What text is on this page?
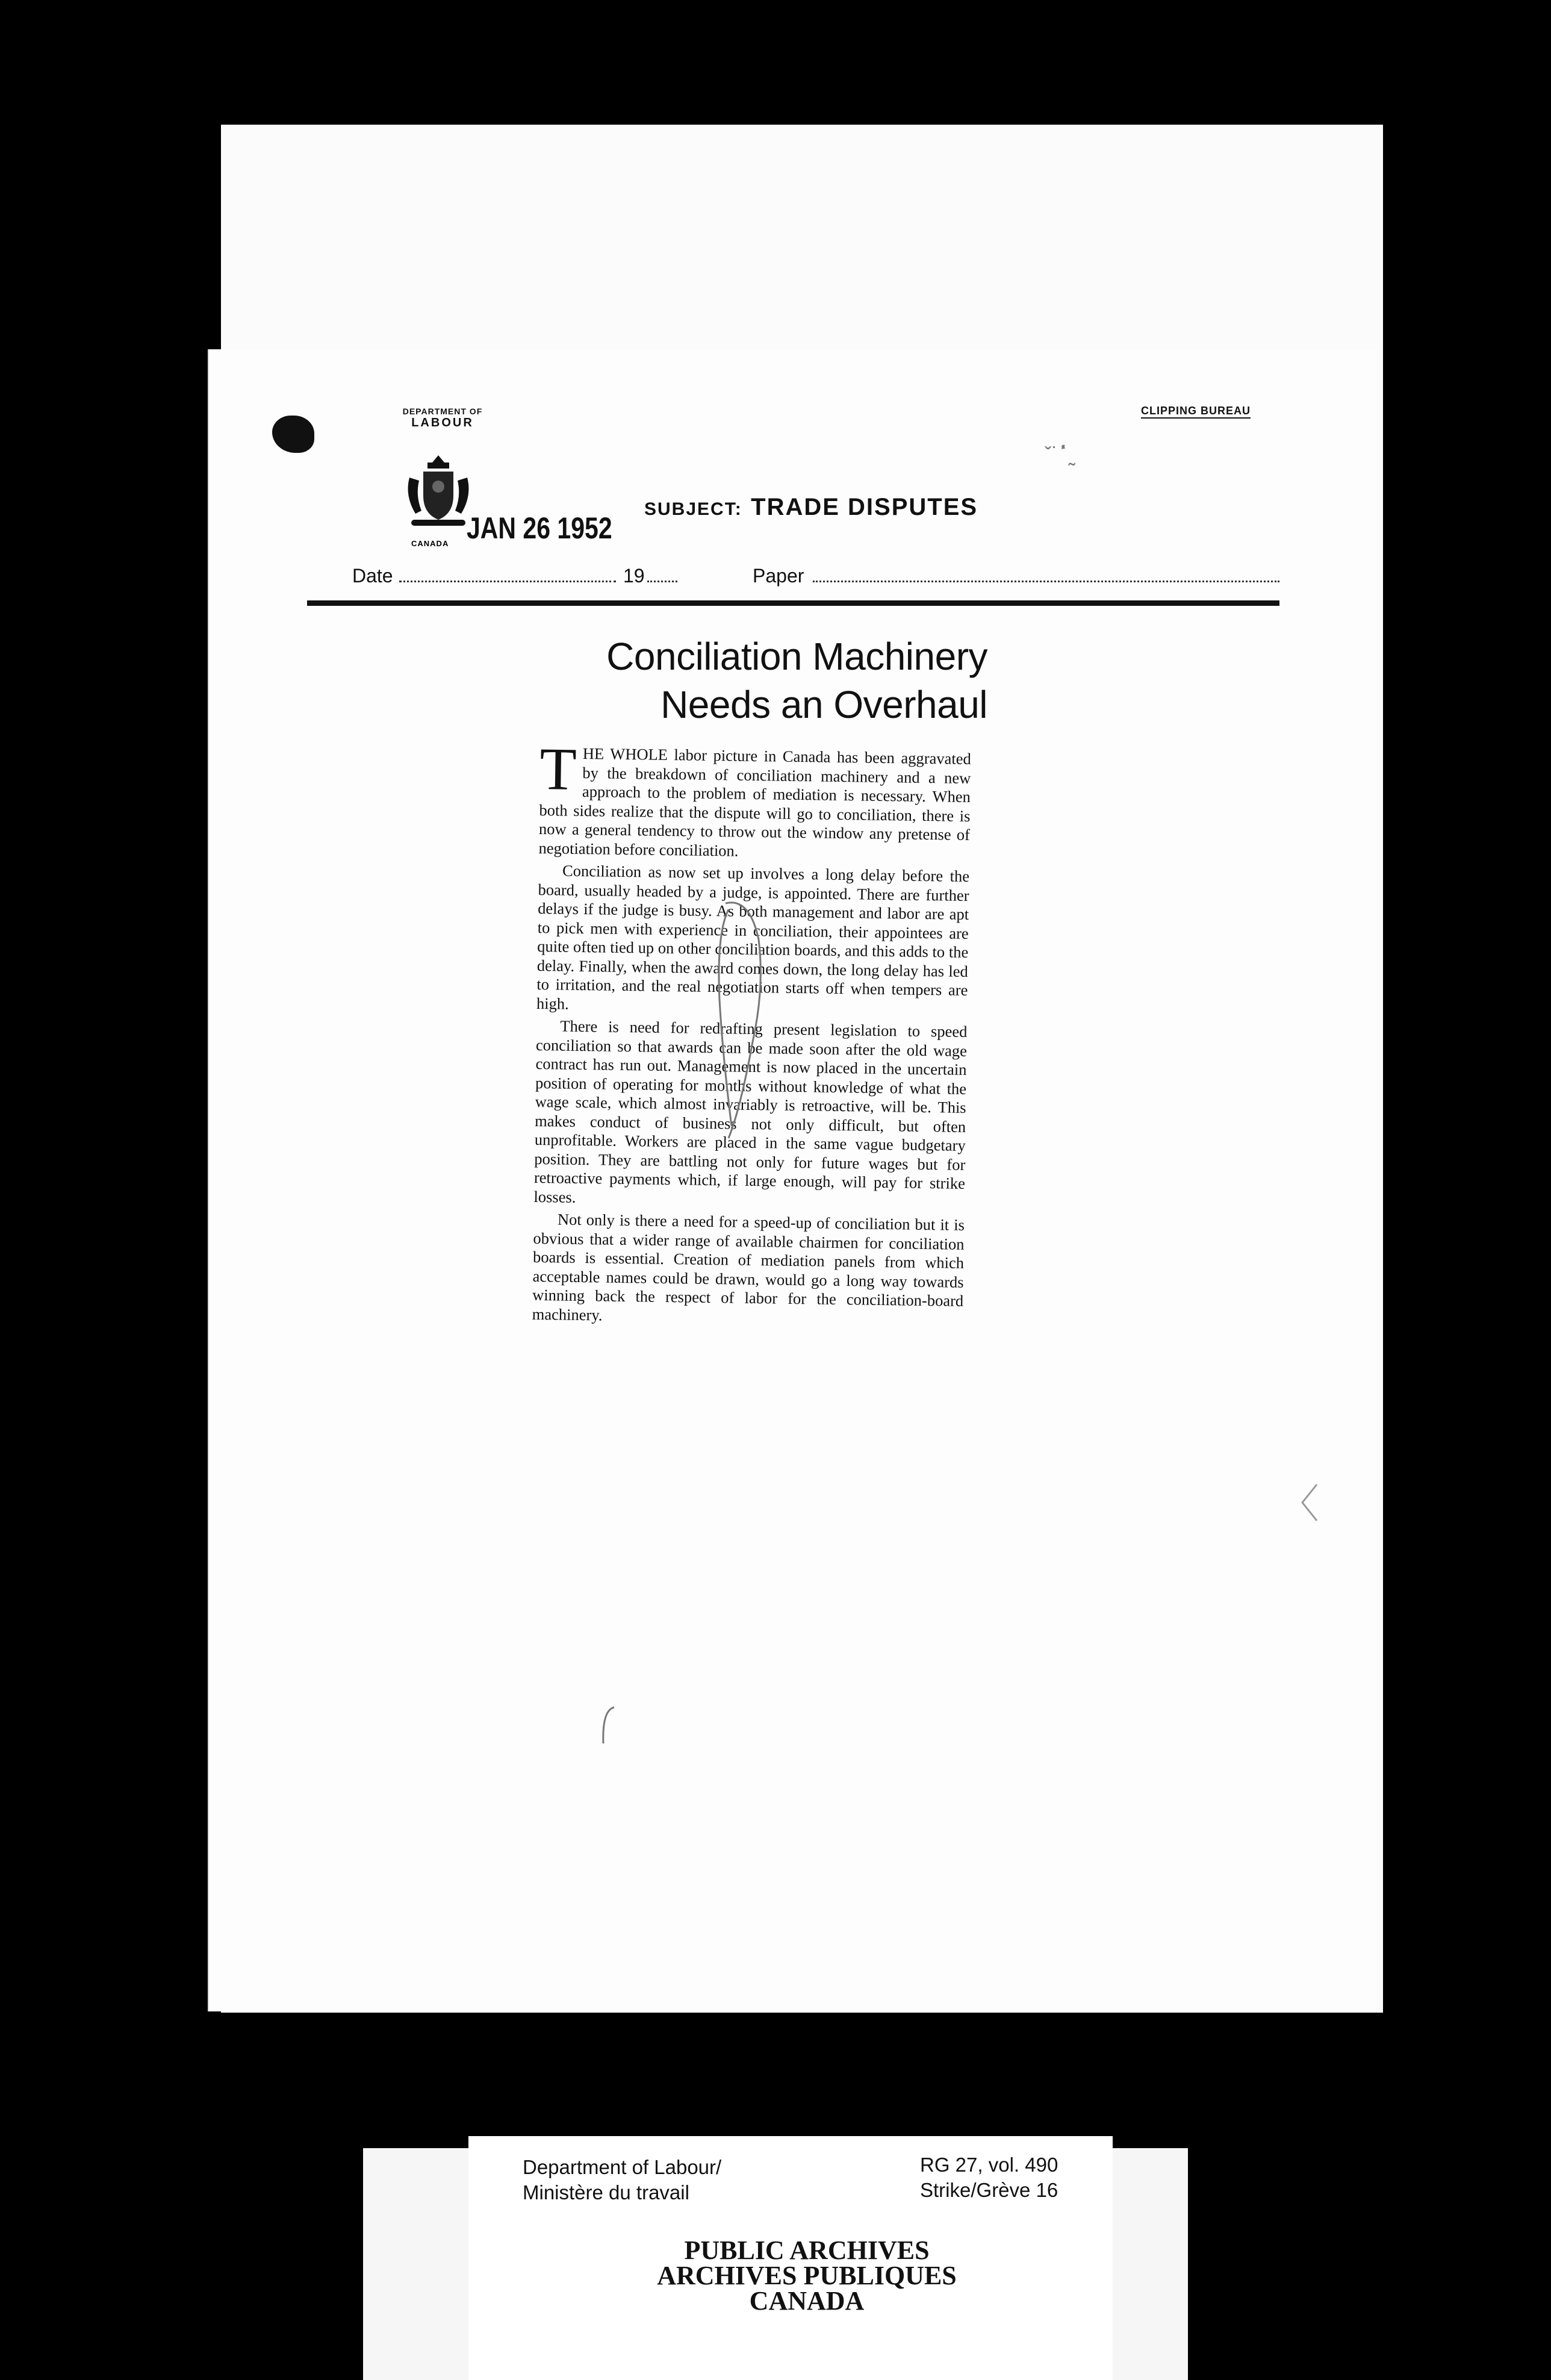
DEPARTMENT OF
LABOUR
CANADA JAN 26 1952
CLIPPING BUREAU
ˇ˙˙ٔ˷
SUBJECT: TRADE DISPUTES
Date	19	Paper
Conciliation Machinery
Needs an Overhaul

THE WHOLE labor picture in Canada has been aggravated by the breakdown of conciliation machinery and a new approach to the problem of mediation is necessary. When both sides realize that the dispute will go to conciliation, there is now a general tendency to throw out the window any pretense of negotiation before conciliation.

Conciliation as now set up involves a long delay before the board, usually headed by a judge, is appointed. There are further delays if the judge is busy. As both management and labor are apt to pick men with experience in conciliation, their appointees are quite often tied up on other conciliation boards, and this adds to the delay. Finally, when the award comes down, the long delay has led to irritation, and the real negotiation starts off when tempers are high.

There is need for redrafting present legislation to speed conciliation so that awards can be made soon after the old wage contract has run out. Management is now placed in the uncertain position of operating for months without knowledge of what the wage scale, which almost invariably is retroactive, will be. This makes conduct of business not only difficult, but often unprofitable. Workers are placed in the same vague budgetary position. They are battling not only for future wages but for retroactive payments which, if large enough, will pay for strike losses.

Not only is there a need for a speed-up of conciliation but it is obvious that a wider range of available chairmen for conciliation boards is essential. Creation of mediation panels from which acceptable names could be drawn, would go a long way towards winning back the respect of labor for the conciliation-board machinery.

Department of Labour/
Ministère du travail
RG 27, vol. 490
Strike/Grève 16
PUBLIC ARCHIVES
ARCHIVES PUBLIQUES
CANADA
